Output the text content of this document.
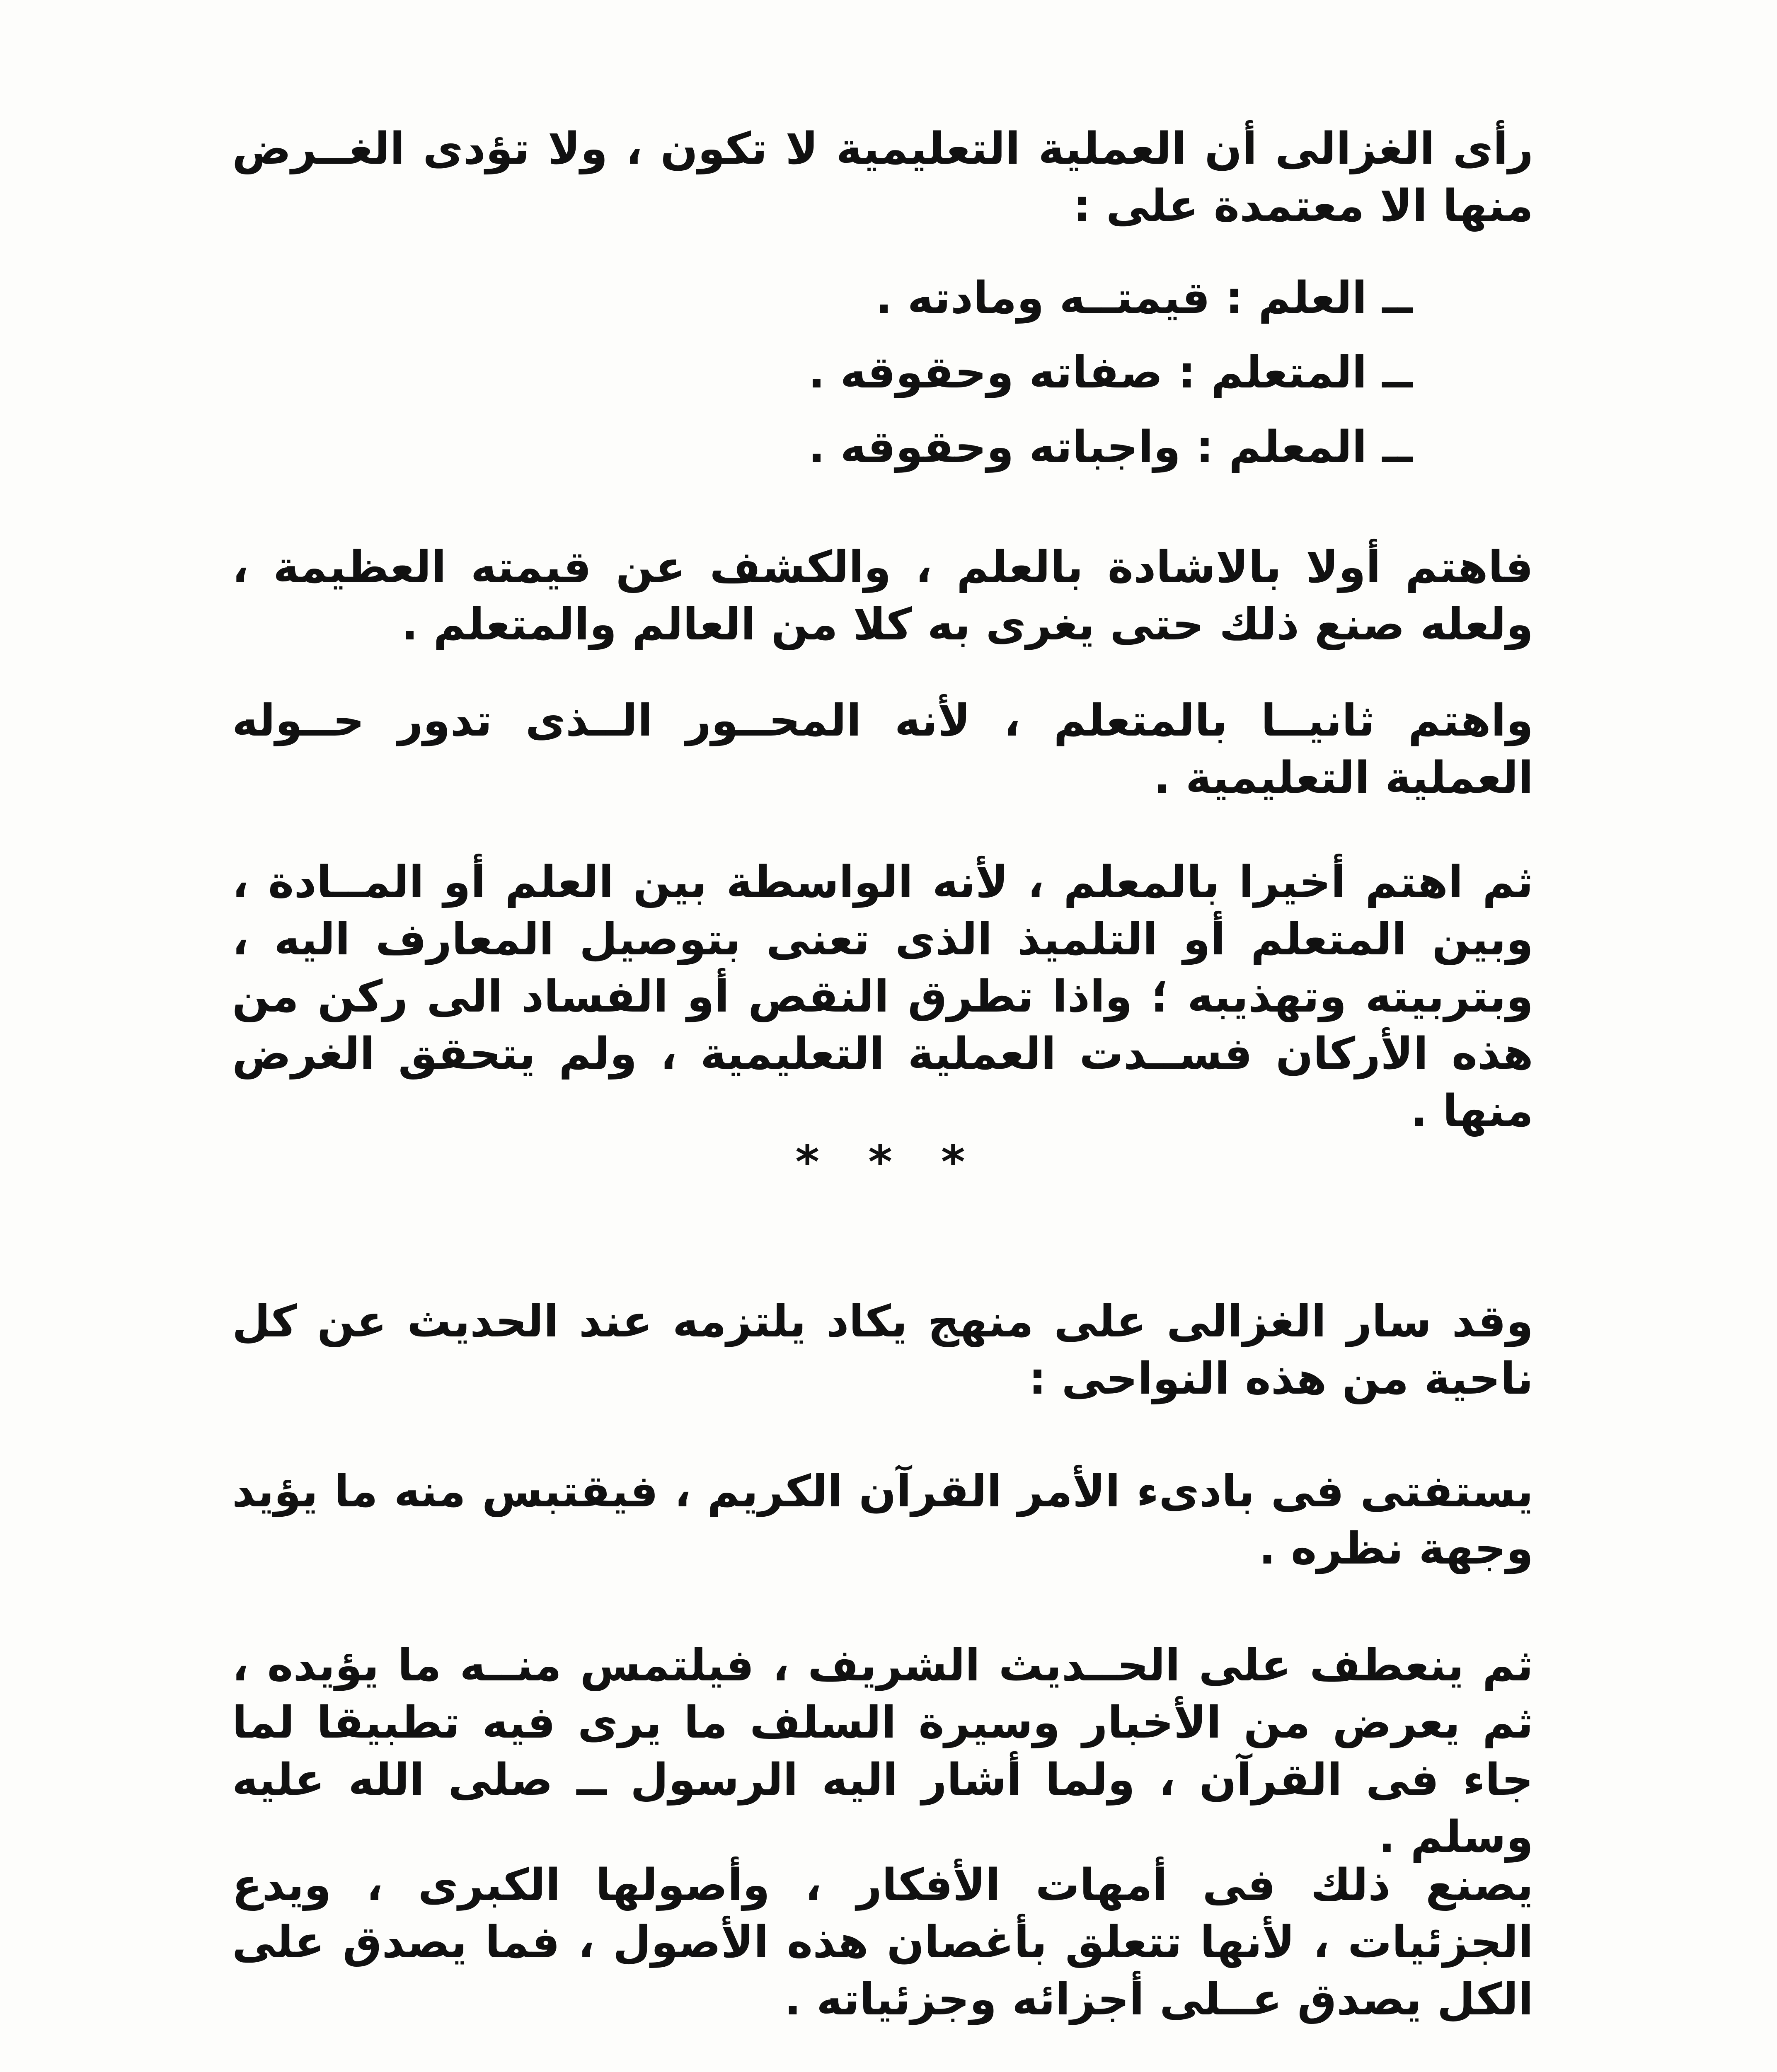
رأى الغزالى أن العملية التعليمية لا تكون ، ولا تؤدى الغــرض منها الا معتمدة على :

ــ العلم : قيمتــه ومادته .
ــ المتعلم : صفاته وحقوقه .
ــ المعلم : واجباته وحقوقه .

فاهتم أولا بالاشادة بالعلم ، والكشف عن قيمته العظيمة ، ولعله صنع ذلك حتى يغرى به كلا من العالم والمتعلم .

واهتم ثانيــا بالمتعلم ، لأنه المحــور الــذى تدور حــوله العملية التعليمية .

ثم اهتم أخيرا بالمعلم ، لأنه الواسطة بين العلم أو المــادة ، وبين المتعلم أو التلميذ الذى تعنى بتوصيل المعارف اليه ، وبتربيته وتهذيبه ؛ واذا تطرق النقص أو الفساد الى ركن من هذه الأركان فســدت العملية التعليمية ، ولم يتحقق الغرض منها .

* * *

وقد سار الغزالى على منهج يكاد يلتزمه عند الحديث عن كل ناحية من هذه النواحى :

يستفتى فى بادىء الأمر القرآن الكريم ، فيقتبس منه ما يؤيد وجهة نظره .

ثم ينعطف على الحــديث الشريف ، فيلتمس منــه ما يؤيده ، ثم يعرض من الأخبار وسيرة السلف ما يرى فيه تطبيقا لما جاء فى القرآن ، ولما أشار اليه الرسول ــ صلى الله عليه وسلم .

يصنع ذلك فى أمهات الأفكار ، وأصولها الكبرى ، ويدع الجزئيات ، لأنها تتعلق بأغصان هذه الأصول ، فما يصدق على الكل يصدق عــلى أجزائه وجزئياته .
